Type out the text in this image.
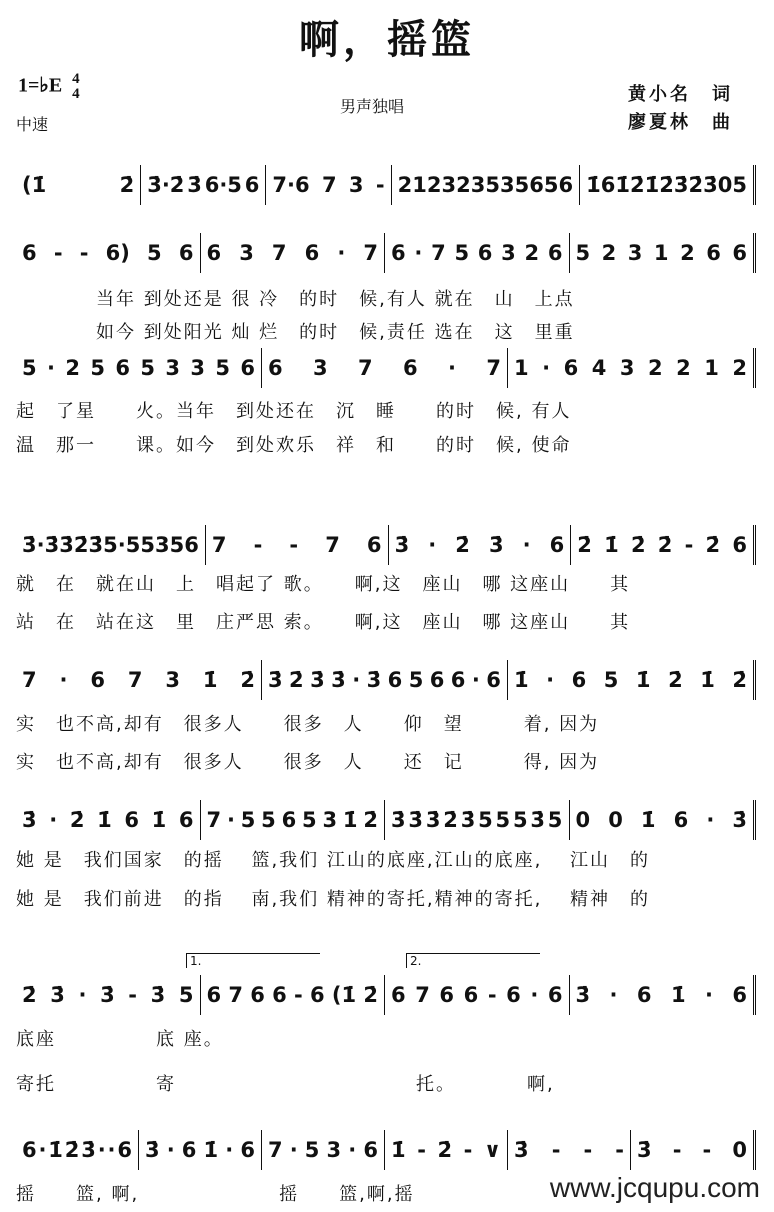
啊，摇篮
1=♭E 4
4
中速
男声独唱
黄小名　词
廖夏林　曲
(1̇	2̇ 3̇·2̇ 3̇ 6·5 6 7·6 7 3 - 2 1 2 3 2 3 5 3 5 6 5 6 1̇ 6 1̇ 2̇ 1̇ 2̇ 3̇ 2̇ 3̇ 0 5
6 - - 6) 5 6 6 3 7 6 · 7 6 · 7 5 6 3 2 6 5 2 3 1 2 6 6
　　　　当年 到处还是 很 冷　的时　候,有人 就在　山　上点
　　　　如今 到处阳光 灿 烂　的时　候,责任 选在　这　里重
5 · 2 5 6 5 3 3 5 6 6 3 7 6 · 7 1 · 6 4 3 2 2 1 2
起　了星　　火。当年　到处还在　沉　睡　　的时　候, 有人
温　那一　　课。如今　到处欢乐　祥　和　　的时　候, 使命
3̇ · 3̇ 3̇ 2̇ 3̇ 5 · 5 5 3 5 6 7 - - 7 6 3̇ · 2̇ 3̇ · 6 2̇ 1̇ 2̇ 2̇ - 2̇ 6
就　在　就在山　上　唱起了 歌。　　啊,这　座山　哪 这座山　　其
站　在　站在这　里　庄严思 索。　　啊,这　座山　哪 这座山　　其
7 · 6 7 3 1̇ 2̇ 3̇ 2̇ 3̇ 3̇ · 3̇ 6 5 6 6 · 6 1̇ · 6 5 1̇ 2̇ 1̇ 2̇
实　也不高,却有　很多人　　很多　人　　仰　望　　　着, 因为
实　也不高,却有　很多人　　很多　人　　还　记　　　得, 因为
3̇ · 2̇ 1̇ 6 1̇ 6 7 · 5 5 6 5 3 1̇ 2̇ 3̇ 3̇ 3̇ 2̇ 3̇ 5 5 5 3̇ 5 0 0 1̇ 6 · 3̇
她 是　我们国家　的摇　 篮,我们 江山的底座,江山的底座,　 江山　的
她 是　我们前进　的指　 南,我们 精神的寄托,精神的寄托,　 精神　的
2̇ 3̇ · 3̇ - 3̇ 5 6 7 6 6 - 6 (1̇ 2̇ 6 7 6 6 - 6 · 6 3̇ · 6 1̇ · 6
1.	2.
底座　　　　　底 座。
寄托　　　　　寄　　　　　　　　　　　　托。　　　　啊,
6 · 1̇ 2̇ 3̇ · · 6 3̇ · 6 1̇ · 6 7 · 5 3 · 6 1̇ - 2̇ - ∨ 3̇ - - - 3̇ - - 0
摇　　篮, 啊,　　　　　　　摇　　篮,啊,摇　　　　	www.jcqupu.com
